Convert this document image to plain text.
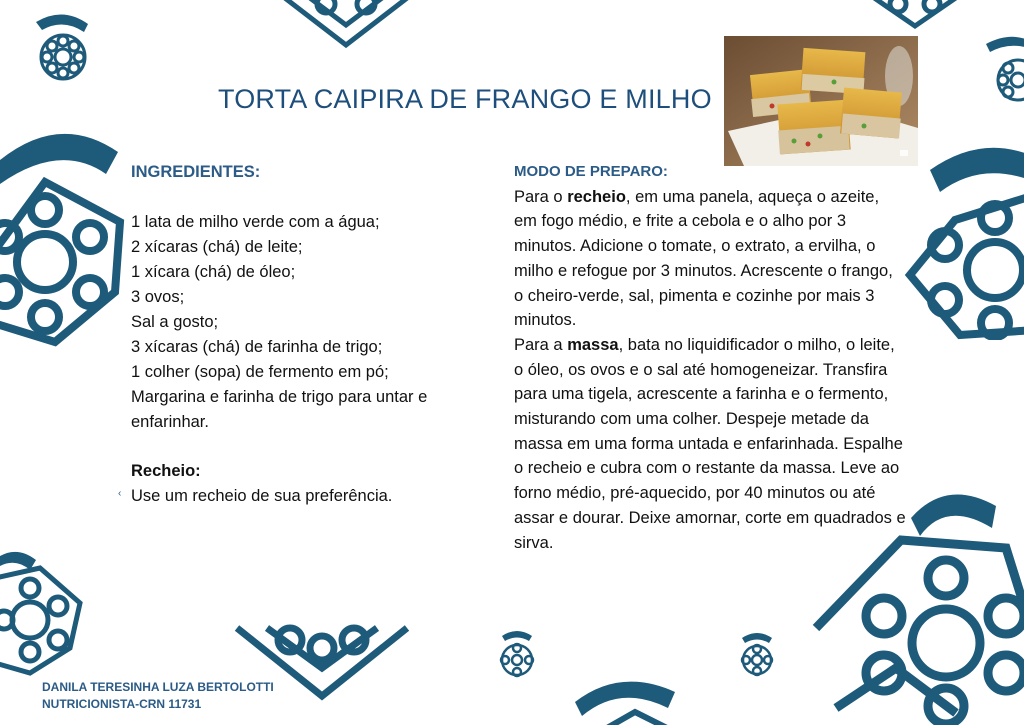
TORTA CAIPIRA DE FRANGO E MILHO
INGREDIENTES:
1 lata de milho verde com a água;
2 xícaras (chá) de leite;
1 xícara (chá) de óleo;
3 ovos;
Sal a gosto;
3 xícaras (chá) de farinha de trigo;
1 colher (sopa) de fermento em pó;
Margarina e farinha de trigo para untar e enfarinhar.
‹
Recheio:
Use um recheio de sua preferência.
MODO DE PREPARO:
Para o recheio, em uma panela, aqueça o azeite, em fogo médio, e frite a cebola e o alho por 3 minutos. Adicione o tomate, o extrato, a ervilha, o milho e refogue por 3 minutos. Acrescente o frango, o cheiro-verde, sal, pimenta e cozinhe por mais 3 minutos.
Para a massa, bata no liquidificador o milho, o leite, o óleo, os ovos e o sal até homogeneizar. Transfira para uma tigela, acrescente a farinha e o fermento, misturando com uma colher. Despeje metade da massa em uma forma untada e enfarinhada. Espalhe o recheio e cubra com o restante da massa. Leve ao forno médio, pré-aquecido, por 40 minutos ou até assar e dourar. Deixe amornar, corte em quadrados e sirva.
DANILA TERESINHA LUZA BERTOLOTTI
NUTRICIONISTA-CRN 11731
